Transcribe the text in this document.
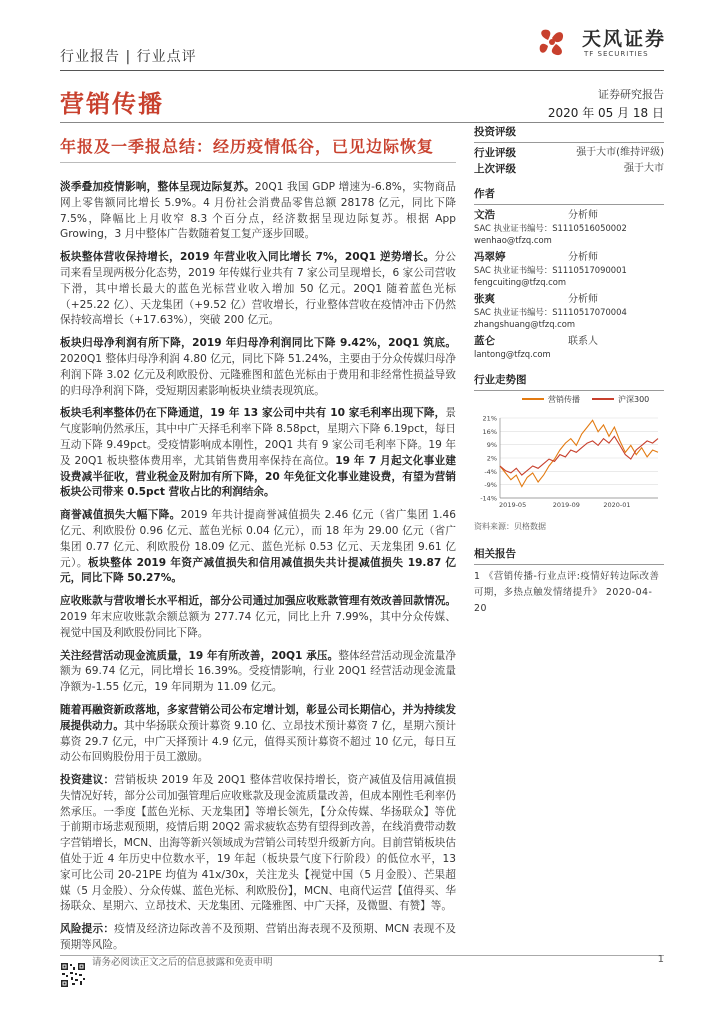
行业报告 | 行业点评
天风证券
TF SECURITIES
营销传播	证券研究报告
2020 年 05 月 18 日
年报及一季报总结：经历疫情低谷，已见边际恢复

淡季叠加疫情影响，整体呈现边际复苏。20Q1 我国 GDP 增速为-6.8%，实物商品网上零售额同比增长 5.9%。4 月份社会消费品零售总额 28178 亿元，同比下降 7.5%，降幅比上月收窄 8.3 个百分点，经济数据呈现边际复苏。根据 App Growing，3 月中整体广告数随着复工复产逐步回暖。

板块整体营收保持增长，2019 年营业收入同比增长 7%，20Q1 逆势增长。分公司来看呈现两极分化态势，2019 年传媒行业共有 7 家公司呈现增长，6 家公司营收下滑，其中增长最大的蓝色光标营业收入增加 50 亿元。20Q1 随着蓝色光标（+25.22 亿）、天龙集团（+9.52 亿）营收增长，行业整体营收在疫情冲击下仍然保持较高增长（+17.63%），突破 200 亿元。

板块归母净利润有所下降，2019 年归母净利润同比下降 9.42%，20Q1 筑底。2020Q1 整体归母净利润 4.80 亿元，同比下降 51.24%，主要由于分众传媒归母净利润下降 3.02 亿元及利欧股份、元隆雅图和蓝色光标由于费用和非经常性损益导致的归母净利润下降，受短期因素影响板块业绩表现筑底。

板块毛利率整体仍在下降通道，19 年 13 家公司中共有 10 家毛利率出现下降，景气度影响仍然承压，其中中广天择毛利率下降 8.58pct，星期六下降 6.19pct，每日互动下降 9.49pct。受疫情影响成本刚性，20Q1 共有 9 家公司毛利率下降。19 年及 20Q1 板块整体费用率，尤其销售费用率保持在高位。19 年 7 月起文化事业建设费减半征收，营业税金及附加有所下降，20 年免征文化事业建设费，有望为营销板块公司带来 0.5pct 营收占比的利润结余。

商誉减值损失大幅下降。2019 年共计提商誉减值损失 2.46 亿元（省广集团 1.46 亿元、利欧股份 0.96 亿元、蓝色光标 0.04 亿元），而 18 年为 29.00 亿元（省广集团 0.77 亿元、利欧股份 18.09 亿元、蓝色光标 0.53 亿元、天龙集团 9.61 亿元）。板块整体 2019 年资产减值损失和信用减值损失共计提减值损失 19.87 亿元，同比下降 50.27%。

应收账款与营收增长水平相近，部分公司通过加强应收账款管理有效改善回款情况。2019 年末应收账款余额总额为 277.74 亿元，同比上升 7.99%，其中分众传媒、视觉中国及利欧股份同比下降。

关注经营活动现金流质量，19 年有所改善，20Q1 承压。整体经营活动现金流量净额为 69.74 亿元，同比增长 16.39%。受疫情影响，行业 20Q1 经营活动现金流量净额为-1.55 亿元，19 年同期为 11.09 亿元。

随着再融资新政落地，多家营销公司公布定增计划，彰显公司长期信心，并为持续发展提供动力。其中华扬联众预计募资 9.10 亿、立昂技术预计募资 7 亿，星期六预计募资 29.7 亿元，中广天择预计 4.9 亿元，值得买预计募资不超过 10 亿元，每日互动公布回购股份用于员工激励。

投资建议：营销板块 2019 年及 20Q1 整体营收保持增长，资产减值及信用减值损失情况好转，部分公司加强管理后应收账款及现金流质量改善，但成本刚性毛利率仍然承压。一季度【蓝色光标、天龙集团】等增长领先，【分众传媒、华扬联众】等优于前期市场悲观预期，疫情后期 20Q2 需求疲软态势有望得到改善，在线消费带动数字营销增长，MCN、出海等新兴领域成为营销公司转型升级新方向。目前营销板块估值处于近 4 年历史中位数水平，19 年起（板块景气度下行阶段）的低位水平，13 家可比公司 20-21PE 均值为 41x/30x，关注龙头【视觉中国（5 月金股）、芒果超媒（5 月金股）、分众传媒、蓝色光标、利欧股份】，MCN、电商代运营【值得买、华扬联众、星期六、立昂技术、天龙集团、元隆雅图、中广天择，及微盟、有赞】等。

风险提示：疫情及经济边际改善不及预期、营销出海表现不及预期、MCN 表现不及预期等风险。

投资评级
行业评级	强于大市(维持评级)
上次评级	强于大市
作者
文浩	分析师
SAC 执业证书编号：S1110516050002
wenhao@tfzq.com
冯翠婷	分析师
SAC 执业证书编号：S1110517090001
fengcuiting@tfzq.com
张爽	分析师
SAC 执业证书编号：S1110517070004
zhangshuang@tfzq.com
蓝仑	联系人
lantong@tfzq.com
行业走势图
营销传播	沪深300
21%
16%
9%
2%
-4%
-9%
-14%
2019-05	2019-09	2020-01
资料来源：贝格数据
相关报告
1 《营销传播-行业点评:疫情好转边际改善可期，多热点触发情绪提升》 2020-04-20
请务必阅读正文之后的信息披露和免责申明	1
